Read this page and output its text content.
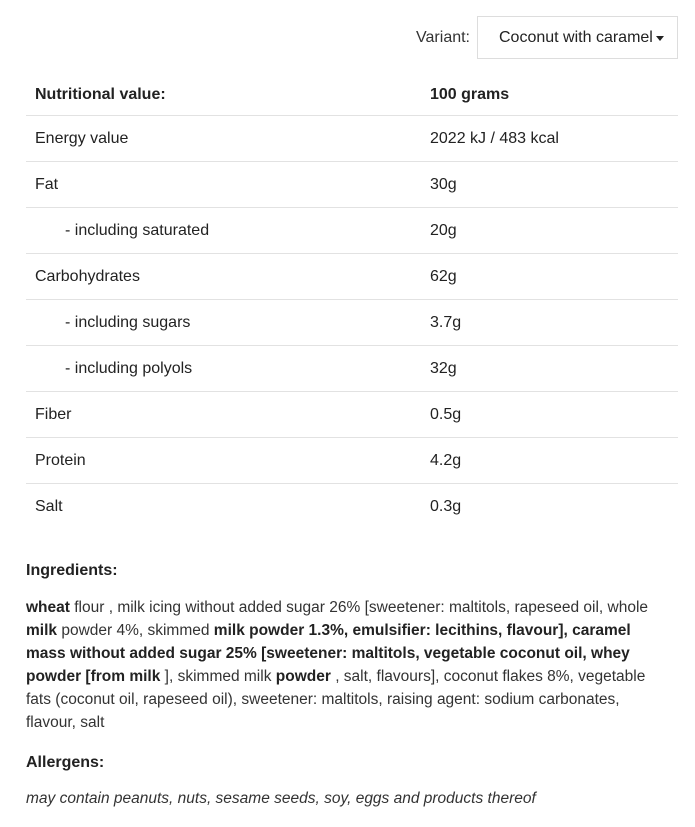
Variant: Coconut with caramel
Nutritional value:	100 grams
Energy value	2022 kJ / 483 kcal
Fat	30g
- including saturated	20g
Carbohydrates	62g
- including sugars	3.7g
- including polyols	32g
Fiber	0.5g
Protein	4.2g
Salt	0.3g
Ingredients:
wheat flour , milk icing without added sugar 26% [sweetener: maltitols, rapeseed oil, whole milk powder 4%, skimmed milk powder 1.3%, emulsifier: lecithins, flavour], caramel mass without added sugar 25% [sweetener: maltitols, vegetable coconut oil, whey powder [from milk ], skimmed milk powder , salt, flavours], coconut flakes 8%, vegetable fats (coconut oil, rapeseed oil), sweetener: maltitols, raising agent: sodium carbonates, flavour, salt
Allergens:
may contain peanuts, nuts, sesame seeds, soy, eggs and products thereof
